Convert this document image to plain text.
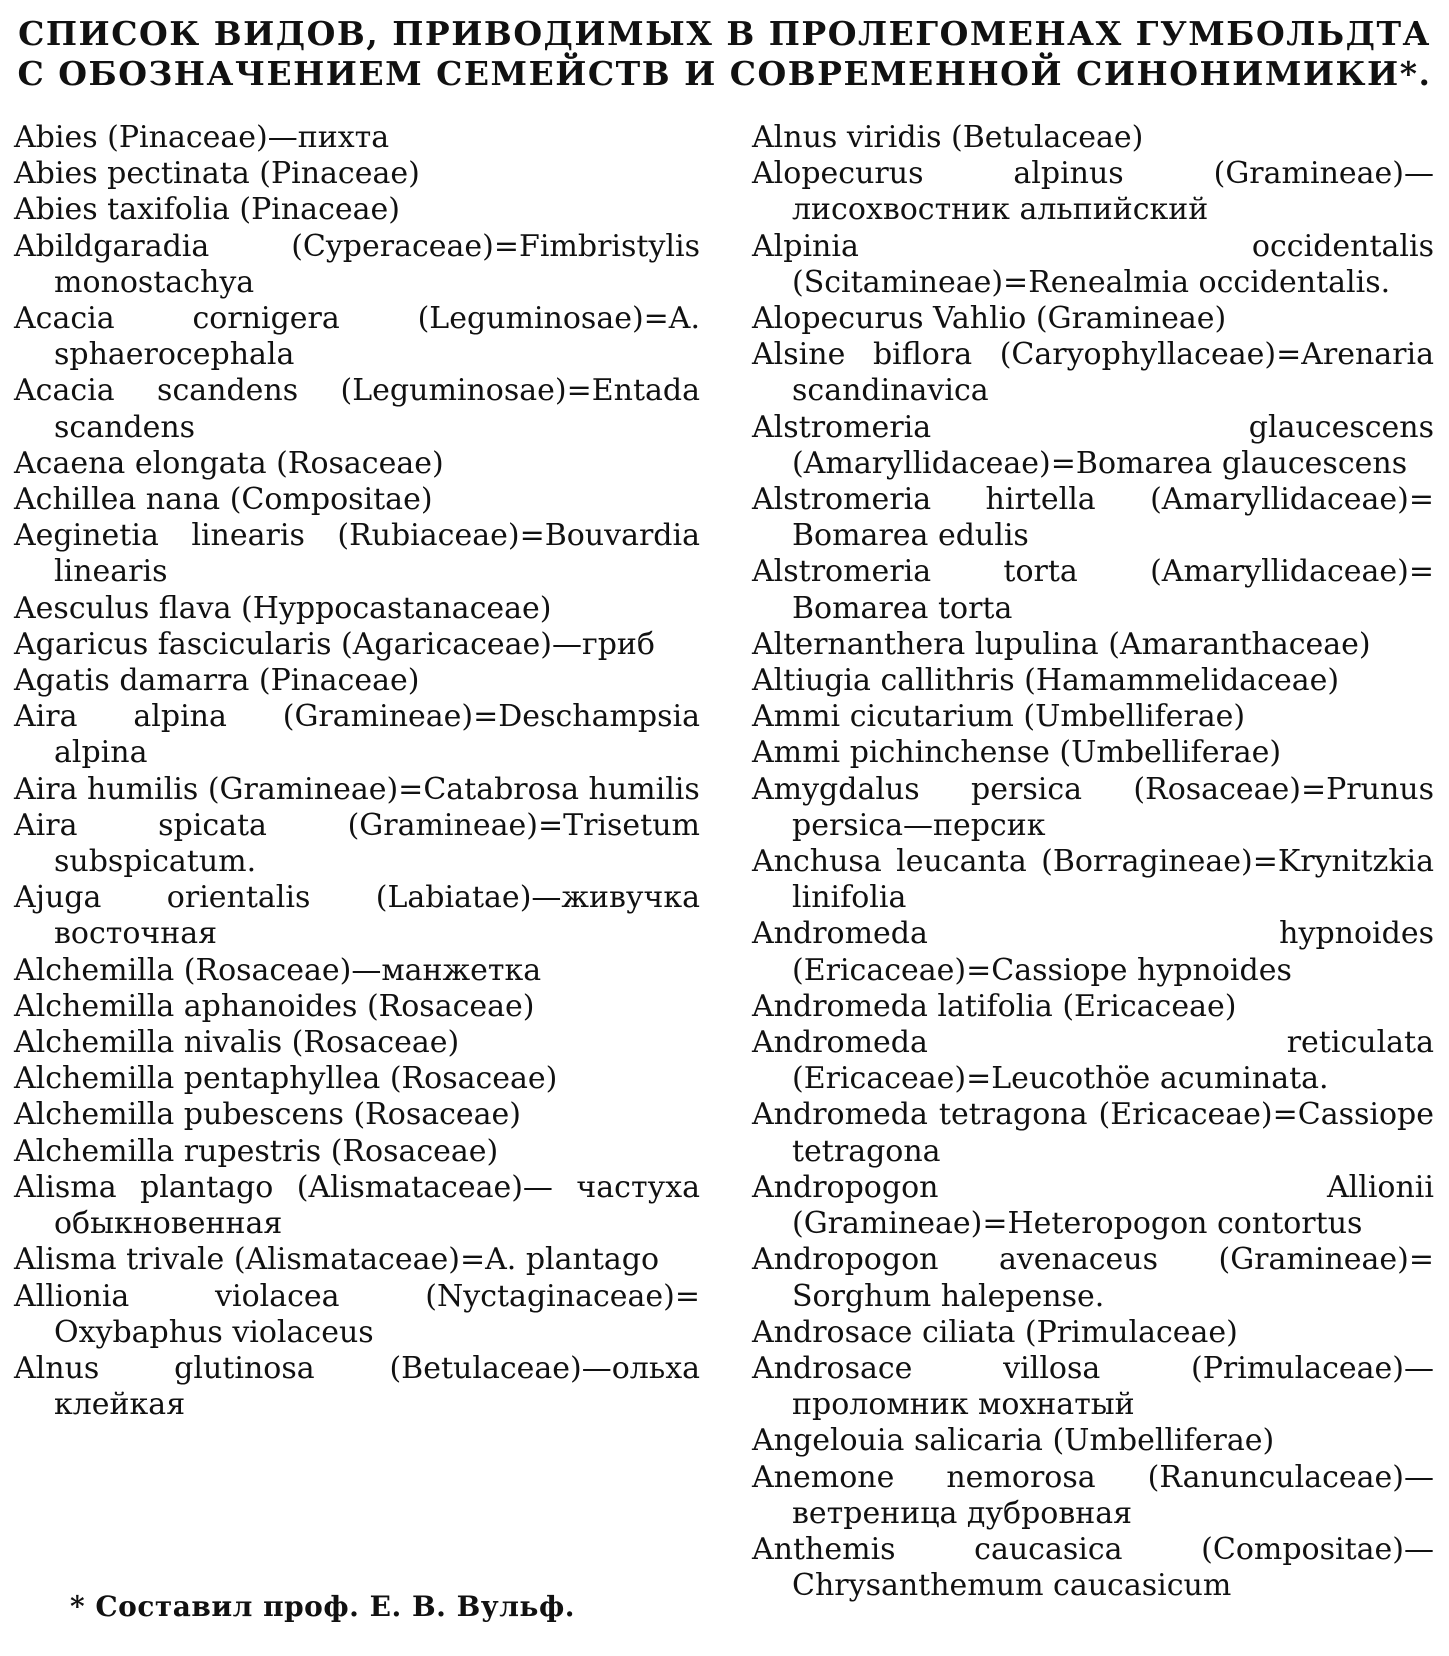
СПИСОК ВИДОВ, ПРИВОДИМЫХ В ПРОЛЕГОМЕНАХ ГУМБОЛЬДТА
С ОБОЗНАЧЕНИЕМ СЕМЕЙСТВ И СОВРЕМЕННОЙ СИНОНИМИКИ*.

Abies (Pinaceae)—пихта

Abies pectinata (Pinaceae)

Abies taxifolia (Pinaceae)

Abildgaradia (Cyperaceae)=Fimbristylis monostachya

Acacia cornigera (Leguminosae)=A. sphaerocephala

Acacia scandens (Leguminosae)=Entada scandens

Acaena elongata (Rosaceae)

Achillea nana (Compositae)

Aeginetia linearis (Rubiaceae)=Bouvardia linearis

Aesculus flava (Hyppocastanaceae)

Agaricus fascicularis (Agaricaceae)—гриб

Agatis damarra (Pinaceae)

Aira alpina (Gramineae)=Deschampsia alpina

Aira humilis (Gramineae)=Catabrosa humilis

Aira spicata (Gramineae)=Trisetum subspicatum.

Ajuga orientalis (Labiatae)—живучка восточная

Alchemilla (Rosaceae)—манжетка

Alchemilla aphanoides (Rosaceae)

Alchemilla nivalis (Rosaceae)

Alchemilla pentaphyllea (Rosaceae)

Alchemilla pubescens (Rosaceae)

Alchemilla rupestris (Rosaceae)

Alisma plantago (Alismataceae)— частуха обыкновенная

Alisma trivale (Alismataceae)=A. plantago

Allionia violacea (Nyctaginaceae)= Oxybaphus violaceus

Alnus glutinosa (Betulaceae)—ольха клейкая

Alnus viridis (Betulaceae)

Alopecurus alpinus (Gramineae)—лисохвостник альпийский

Alpinia occidentalis (Scitamineae)=Renealmia occidentalis.

Alopecurus Vahlio (Gramineae)

Alsine biflora (Caryophyllaceae)=Arenaria scandinavica

Alstromeria glaucescens (Amaryllidaceae)=Bomarea glaucescens

Alstromeria hirtella (Amaryllidaceae)= Bomarea edulis

Alstromeria torta (Amaryllidaceae)= Bomarea torta

Alternanthera lupulina (Amaranthaceae)

Altiugia callithris (Hamammelidaceae)

Ammi cicutarium (Umbelliferae)

Ammi pichinchense (Umbelliferae)

Amygdalus persica (Rosaceae)=Prunus persica—персик

Anchusa leucanta (Borragineae)=Krynitzkia linifolia

Andromeda hypnoides (Ericaceae)=Cassiope hypnoides

Andromeda latifolia (Ericaceae)

Andromeda reticulata (Ericaceae)=Leucothöe acuminata.

Andromeda tetragona (Ericaceae)=Cassiope tetragona

Andropogon Allionii (Gramineae)=Heteropogon contortus

Andropogon avenaceus (Gramineae)= Sorghum halepense.

Androsace ciliata (Primulaceae)

Androsace villosa (Primulaceae)—проломник мохнатый

Angelouia salicaria (Umbelliferae)

Anemone nemorosa (Ranunculaceae)— ветреница дубровная

Anthemis caucasica (Compositae)—Chrysanthemum caucasicum

* Составил проф. Е. В. Вульф.
